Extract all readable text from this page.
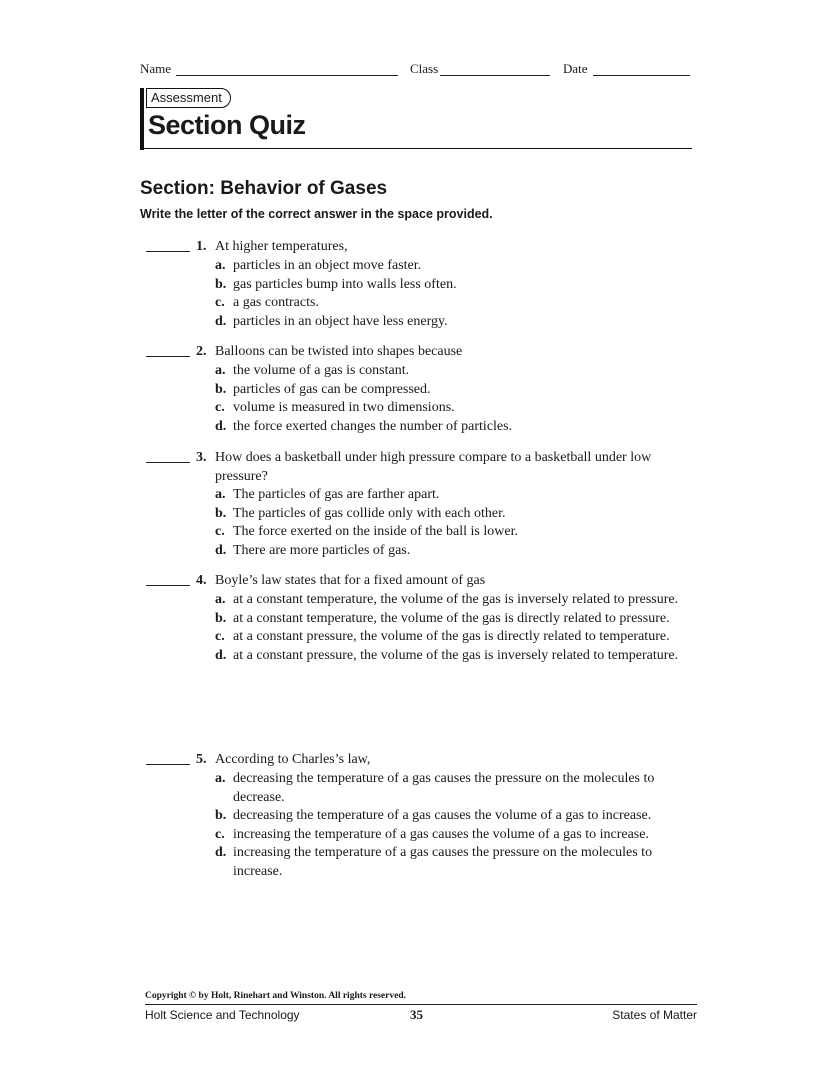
Name	Class	Date
Assessment
Section Quiz
Section: Behavior of Gases
Write the letter of the correct answer in the space provided.
1. At higher temperatures,
a. particles in an object move faster.
b. gas particles bump into walls less often.
c. a gas contracts.
d. particles in an object have less energy.
2. Balloons can be twisted into shapes because
a. the volume of a gas is constant.
b. particles of gas can be compressed.
c. volume is measured in two dimensions.
d. the force exerted changes the number of particles.
3. How does a basketball under high pressure compare to a basketball under low pressure?
a. The particles of gas are farther apart.
b. The particles of gas collide only with each other.
c. The force exerted on the inside of the ball is lower.
d. There are more particles of gas.
4. Boyle’s law states that for a fixed amount of gas
a. at a constant temperature, the volume of the gas is inversely related to pressure.
b. at a constant temperature, the volume of the gas is directly related to pressure.
c. at a constant pressure, the volume of the gas is directly related to temperature.
d. at a constant pressure, the volume of the gas is inversely related to temperature.
5. According to Charles’s law,
a. decreasing the temperature of a gas causes the pressure on the molecules to decrease.
b. decreasing the temperature of a gas causes the volume of a gas to increase.
c. increasing the temperature of a gas causes the volume of a gas to increase.
d. increasing the temperature of a gas causes the pressure on the molecules to increase.
Copyright © by Holt, Rinehart and Winston. All rights reserved.
Holt Science and Technology	35	States of Matter
